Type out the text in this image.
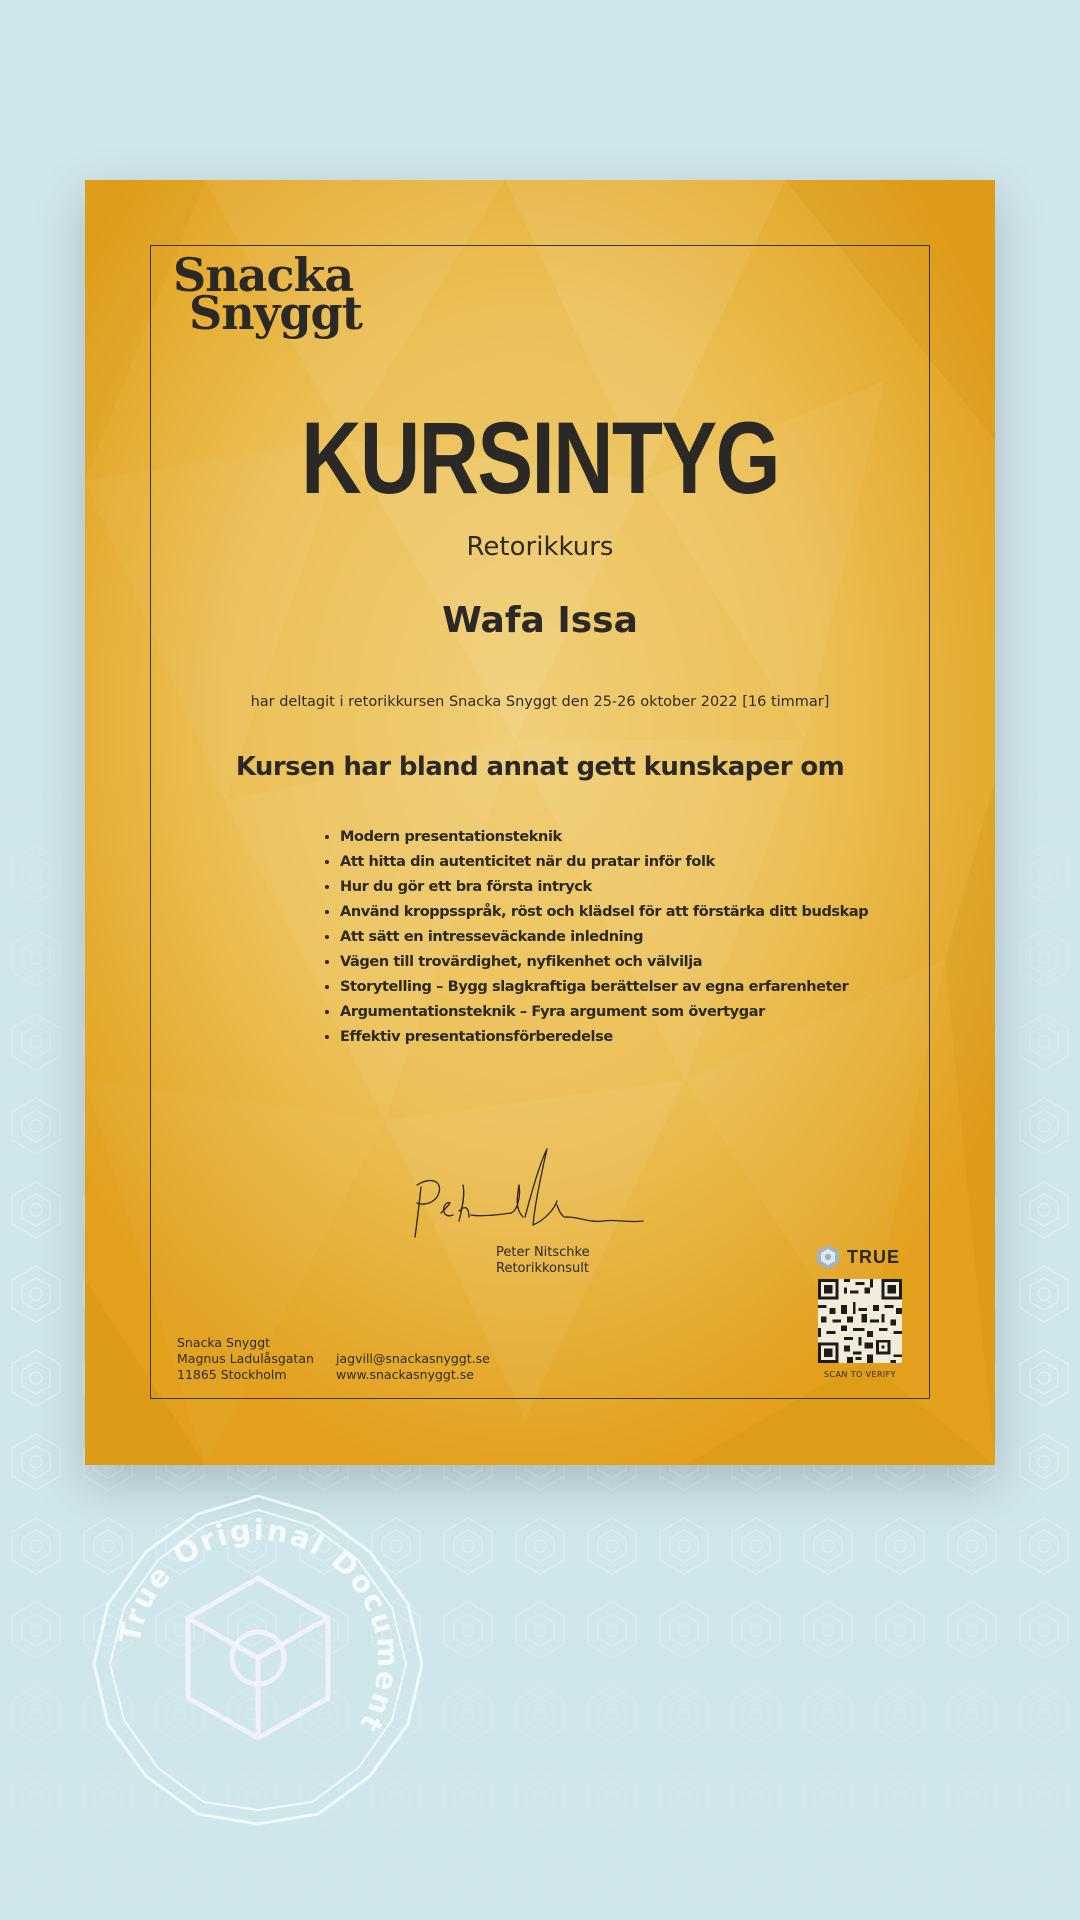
Snacka
Snyggt
KURSINTYG
Retorikkurs
Wafa Issa
har deltagit i retorikkursen Snacka Snyggt den 25-26 oktober 2022 [16 timmar]
Kursen har bland annat gett kunskaper om
• Modern presentationsteknik
• Att hitta din autenticitet när du pratar inför folk
• Hur du gör ett bra första intryck
• Använd kroppsspråk, röst och klädsel för att förstärka ditt budskap
• Att sätt en intresseväckande inledning
• Vägen till trovärdighet, nyfikenhet och välvilja
• Storytelling – Bygg slagkraftiga berättelser av egna erfarenheter
• Argumentationsteknik – Fyra argument som övertygar
• Effektiv presentationsförberedelse
Peter Nitschke
Retorikkonsult
Snacka Snyggt
Magnus Ladulåsgatan
11865 Stockholm
jagvill@snackasnyggt.se
www.snackasnyggt.se
TRUE
SCAN TO VERIFY
True Original Document
